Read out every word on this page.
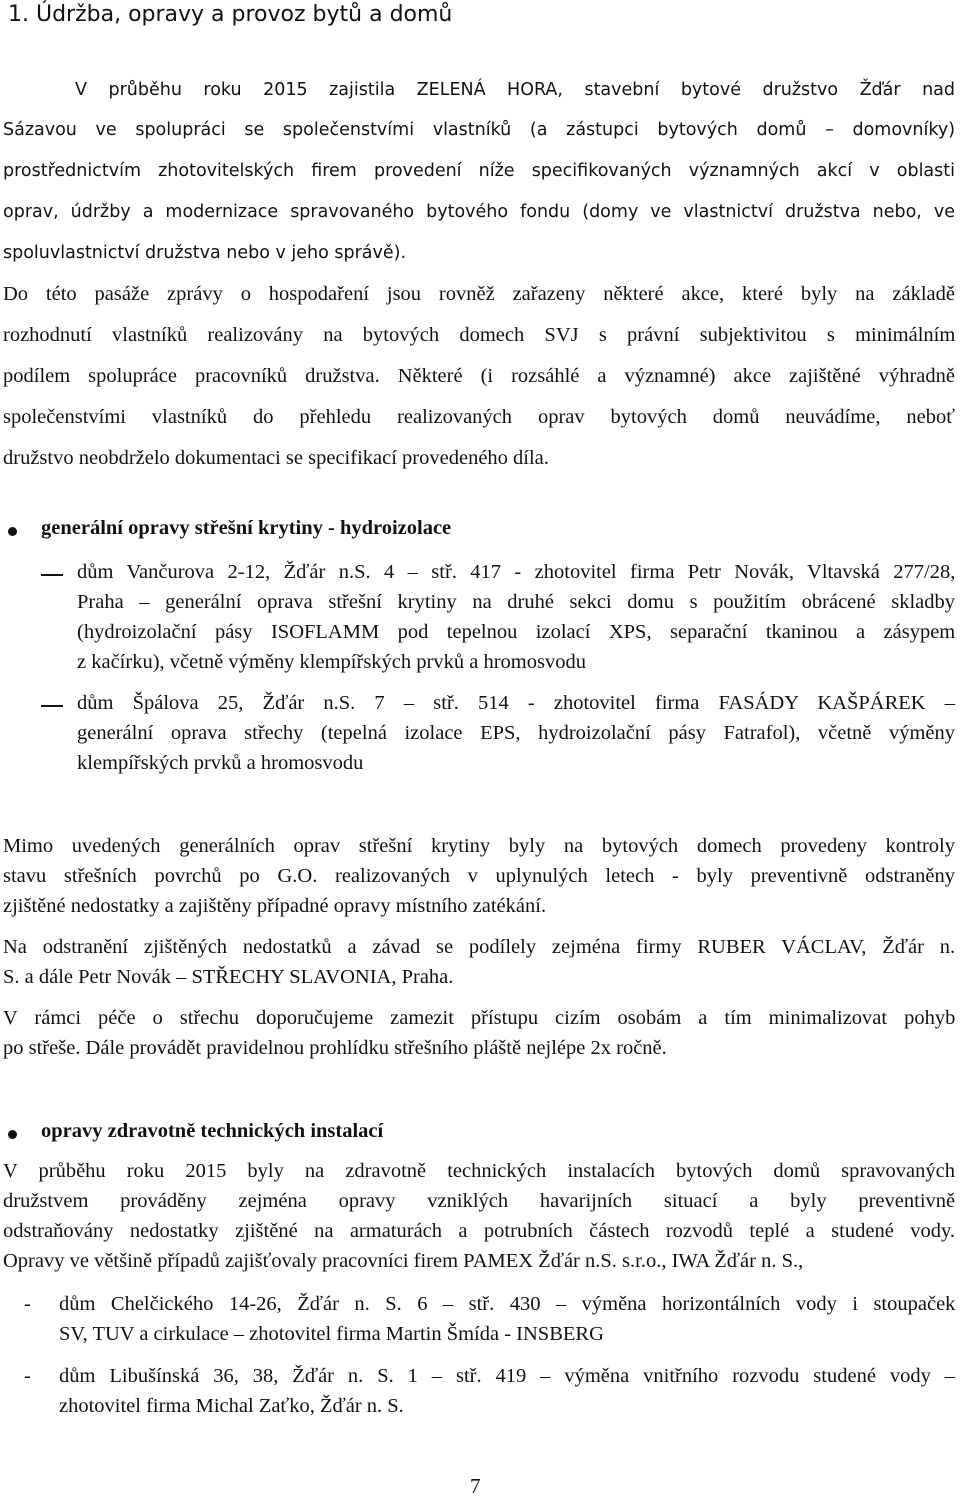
1. Údržba, opravy a provoz bytů a domů
V průběhu roku 2015 zajistila ZELENÁ HORA, stavební bytové družstvo Žďár nad
Sázavou ve spolupráci se společenstvími vlastníků (a zástupci bytových domů – domovníky)
prostřednictvím zhotovitelských firem provedení níže specifikovaných významných akcí v oblasti
oprav, údržby a modernizace spravovaného bytového fondu (domy ve vlastnictví družstva nebo, ve
spoluvlastnictví družstva nebo v jeho správě).
Do této pasáže zprávy o hospodaření jsou rovněž zařazeny některé akce, které byly na základě
rozhodnutí vlastníků realizovány na bytových domech SVJ s právní subjektivitou s minimálním
podílem spolupráce pracovníků družstva. Některé (i rozsáhlé a významné) akce zajištěné výhradně
společenstvími vlastníků do přehledu realizovaných oprav bytových domů neuvádíme, neboť
družstvo neobdrželo dokumentaci se specifikací provedeného díla.
generální opravy střešní krytiny - hydroizolace
dům Vančurova 2-12, Žďár n.S. 4 – stř. 417 - zhotovitel firma Petr Novák, Vltavská 277/28,
Praha – generální oprava střešní krytiny na druhé sekci domu s použitím obrácené skladby
(hydroizolační pásy ISOFLAMM pod tepelnou izolací XPS, separační tkaninou a zásypem
z kačírku), včetně výměny klempířských prvků a hromosvodu
dům Špálova 25, Žďár n.S. 7 – stř. 514 - zhotovitel firma FASÁDY KAŠPÁREK –
generální oprava střechy (tepelná izolace EPS, hydroizolační pásy Fatrafol), včetně výměny
klempířských prvků a hromosvodu
Mimo uvedených generálních oprav střešní krytiny byly na bytových domech provedeny kontroly
stavu střešních povrchů po G.O. realizovaných v uplynulých letech - byly preventivně odstraněny
zjištěné nedostatky a zajištěny případné opravy místního zatékání.
Na odstranění zjištěných nedostatků a závad se podílely zejména firmy RUBER VÁCLAV, Žďár n.
S. a dále Petr Novák – STŘECHY SLAVONIA, Praha.
V rámci péče o střechu doporučujeme zamezit přístupu cizím osobám a tím minimalizovat pohyb
po střeše. Dále provádět pravidelnou prohlídku střešního pláště nejlépe 2x ročně.
opravy zdravotně technických instalací
V průběhu roku 2015 byly na zdravotně technických instalacích bytových domů spravovaných
družstvem prováděny zejména opravy vzniklých havarijních situací a byly preventivně
odstraňovány nedostatky zjištěné na armaturách a potrubních částech rozvodů teplé a studené vody.
Opravy ve většině případů zajišťovaly pracovníci firem PAMEX Žďár n.S. s.r.o., IWA Žďár n. S.,
- dům Chelčického 14-26, Žďár n. S. 6 – stř. 430 – výměna horizontálních vody i stoupaček
SV, TUV a cirkulace – zhotovitel firma Martin Šmída - INSBERG
- dům Libušínská 36, 38, Žďár n. S. 1 – stř. 419 – výměna vnitřního rozvodu studené vody –
zhotovitel firma Michal Zaťko, Žďár n. S.
7
